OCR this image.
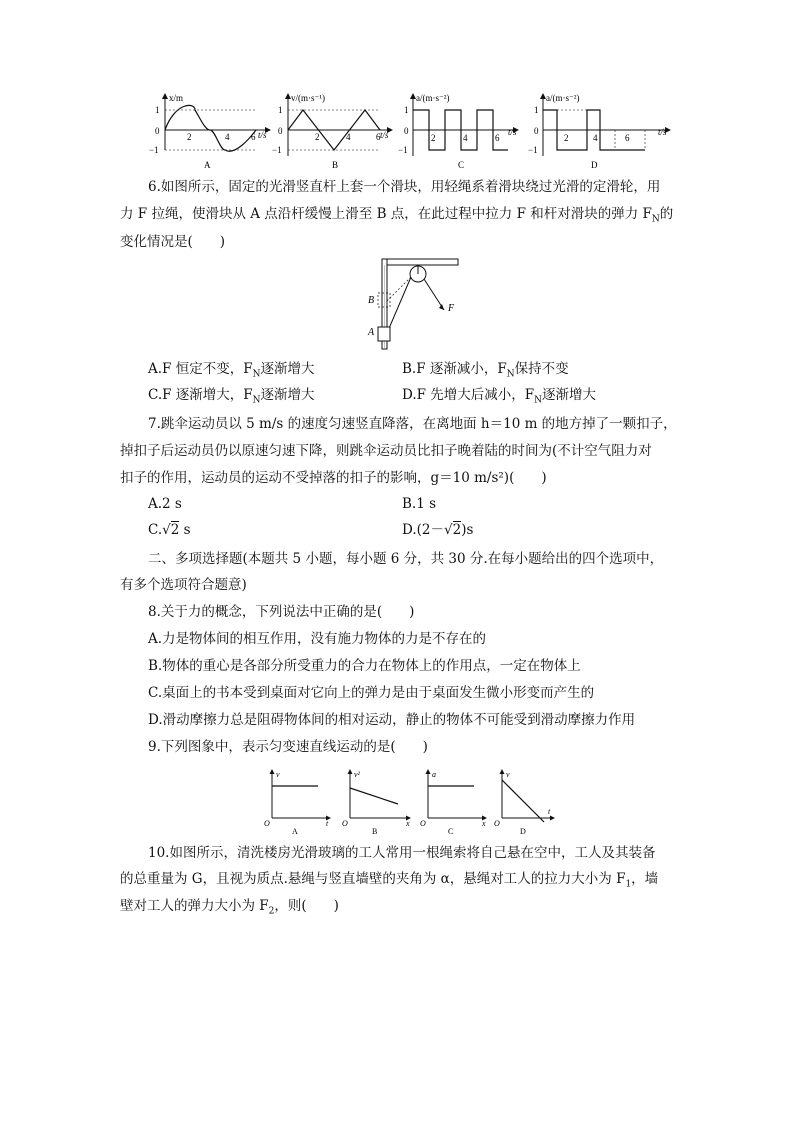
x/m
t/s
1
0
−1
2	4 6
A
v/(m·s⁻¹)
t/s
1
0
−1
2	4	6
B
a/(m·s⁻²)
t/s
1
0
−1
2	4	6
C
a/(m·s⁻²)
t/s
1
0
−1
2	4	6
D
6.如图所示，固定的光滑竖直杆上套一个滑块，用轻绳系着滑块绕过光滑的定滑轮，用
力 F 拉绳，使滑块从 A 点沿杆缓慢上滑至 B 点，在此过程中拉力 F 和杆对滑块的弹力 $F_N$的
变化情况是(　　)
B
A
F
A.F 恒定不变，$F_N$逐渐增大	B.F 逐渐减小，$F_N$保持不变
C.F 逐渐增大，$F_N$逐渐增大	D.F 先增大后减小，$F_N$逐渐增大
7.跳伞运动员以 5 m/s 的速度匀速竖直降落，在离地面 h＝10 m 的地方掉了一颗扣子，
掉扣子后运动员仍以原速匀速下降，则跳伞运动员比扣子晚着陆的时间为(不计空气阻力对
扣子的作用，运动员的运动不受掉落的扣子的影响，g＝10 m/s²)(　　)
A.2 s	B.1 s
C.√2 s	D.(2－√2)s
二、多项选择题(本题共 5 小题，每小题 6 分，共 30 分.在每小题给出的四个选项中，
有多个选项符合题意)
8.关于力的概念，下列说法中正确的是(　　)
A.力是物体间的相互作用，没有施力物体的力是不存在的
B.物体的重心是各部分所受重力的合力在物体上的作用点，一定在物体上
C.桌面上的书本受到桌面对它向上的弹力是由于桌面发生微小形变而产生的
D.滑动摩擦力总是阻碍物体间的相对运动，静止的物体不可能受到滑动摩擦力作用
9.下列图象中，表示匀变速直线运动的是(　　)
v
t
O
A
v²
x
O
B
a
x
O
C
v
t
O
D
10.如图所示，清洗楼房光滑玻璃的工人常用一根绳索将自己悬在空中，工人及其装备
的总重量为 G，且视为质点.悬绳与竖直墙壁的夹角为 α，悬绳对工人的拉力大小为 $F_1$，墙
壁对工人的弹力大小为 $F_2$，则(　　)
